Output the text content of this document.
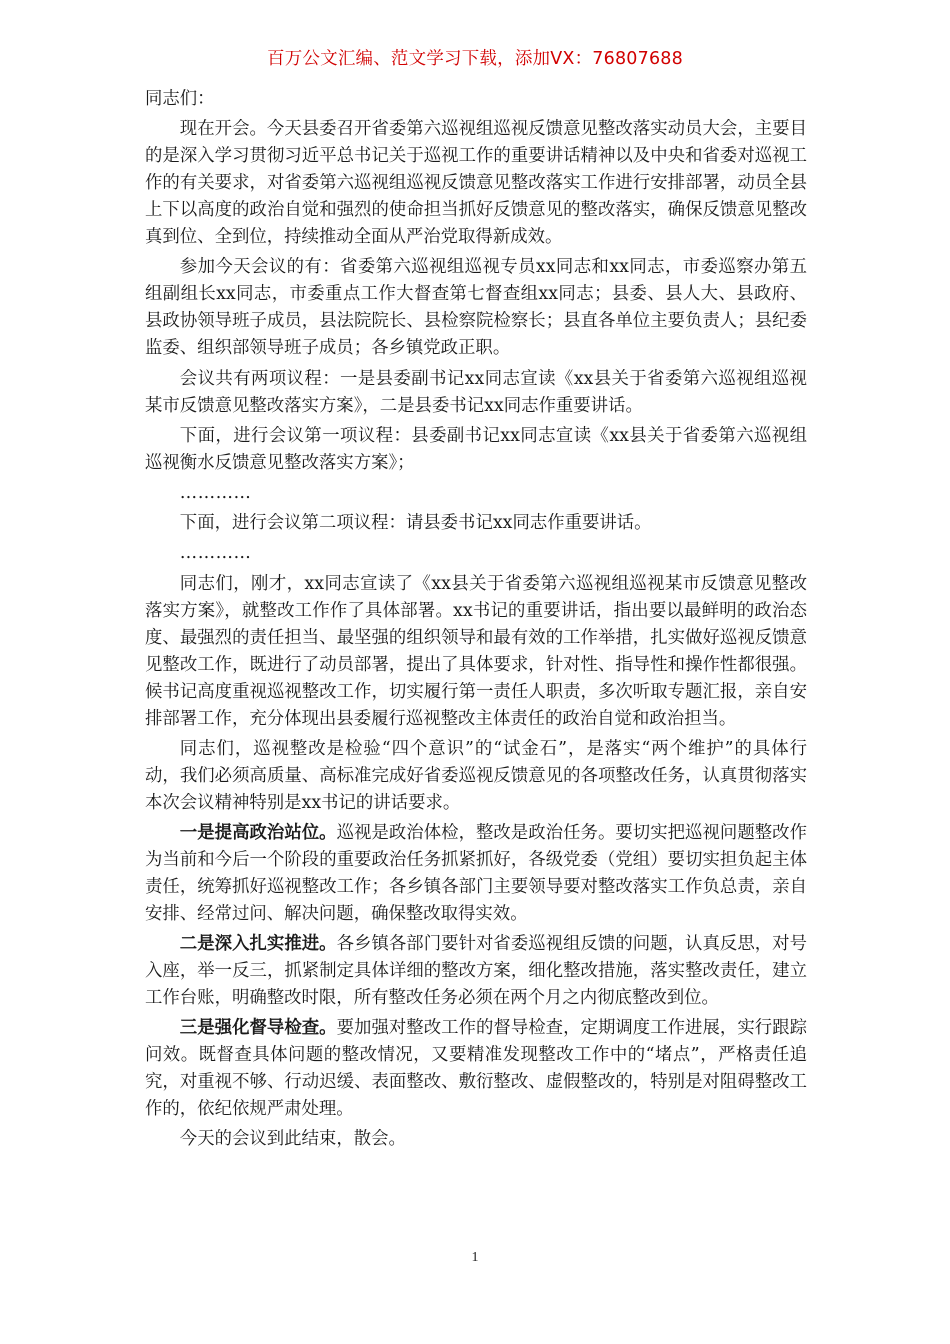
百万公文汇编、范文学习下载，添加VX：76807688

同志们：

现在开会。今天县委召开省委第六巡视组巡视反馈意见整改落实动员大会，主要目的是深入学习贯彻习近平总书记关于巡视工作的重要讲话精神以及中央和省委对巡视工作的有关要求，对省委第六巡视组巡视反馈意见整改落实工作进行安排部署，动员全县上下以高度的政治自觉和强烈的使命担当抓好反馈意见的整改落实，确保反馈意见整改真到位、全到位，持续推动全面从严治党取得新成效。

参加今天会议的有：省委第六巡视组巡视专员xx同志和xx同志，市委巡察办第五组副组长xx同志，市委重点工作大督查第七督查组xx同志；县委、县人大、县政府、县政协领导班子成员，县法院院长、县检察院检察长；县直各单位主要负责人；县纪委监委、组织部领导班子成员；各乡镇党政正职。

会议共有两项议程：一是县委副书记xx同志宣读《xx县关于省委第六巡视组巡视某市反馈意见整改落实方案》，二是县委书记xx同志作重要讲话。

下面，进行会议第一项议程：县委副书记xx同志宣读《xx县关于省委第六巡视组巡视衡水反馈意见整改落实方案》；

…………

下面，进行会议第二项议程：请县委书记xx同志作重要讲话。

…………

同志们，刚才，xx同志宣读了《xx县关于省委第六巡视组巡视某市反馈意见整改落实方案》，就整改工作作了具体部署。xx书记的重要讲话，指出要以最鲜明的政治态度、最强烈的责任担当、最坚强的组织领导和最有效的工作举措，扎实做好巡视反馈意见整改工作，既进行了动员部署，提出了具体要求，针对性、指导性和操作性都很强。候书记高度重视巡视整改工作，切实履行第一责任人职责，多次听取专题汇报，亲自安排部署工作，充分体现出县委履行巡视整改主体责任的政治自觉和政治担当。

同志们，巡视整改是检验“四个意识”的“试金石”，是落实“两个维护”的具体行动，我们必须高质量、高标准完成好省委巡视反馈意见的各项整改任务，认真贯彻落实本次会议精神特别是xx书记的讲话要求。

一是提高政治站位。巡视是政治体检，整改是政治任务。要切实把巡视问题整改作为当前和今后一个阶段的重要政治任务抓紧抓好，各级党委（党组）要切实担负起主体责任，统筹抓好巡视整改工作；各乡镇各部门主要领导要对整改落实工作负总责，亲自安排、经常过问、解决问题，确保整改取得实效。

二是深入扎实推进。各乡镇各部门要针对省委巡视组反馈的问题，认真反思，对号入座，举一反三，抓紧制定具体详细的整改方案，细化整改措施，落实整改责任，建立工作台账，明确整改时限，所有整改任务必须在两个月之内彻底整改到位。

三是强化督导检查。要加强对整改工作的督导检查，定期调度工作进展，实行跟踪问效。既督查具体问题的整改情况，又要精准发现整改工作中的“堵点”，严格责任追究，对重视不够、行动迟缓、表面整改、敷衍整改、虚假整改的，特别是对阻碍整改工作的，依纪依规严肃处理。

今天的会议到此结束，散会。

1
